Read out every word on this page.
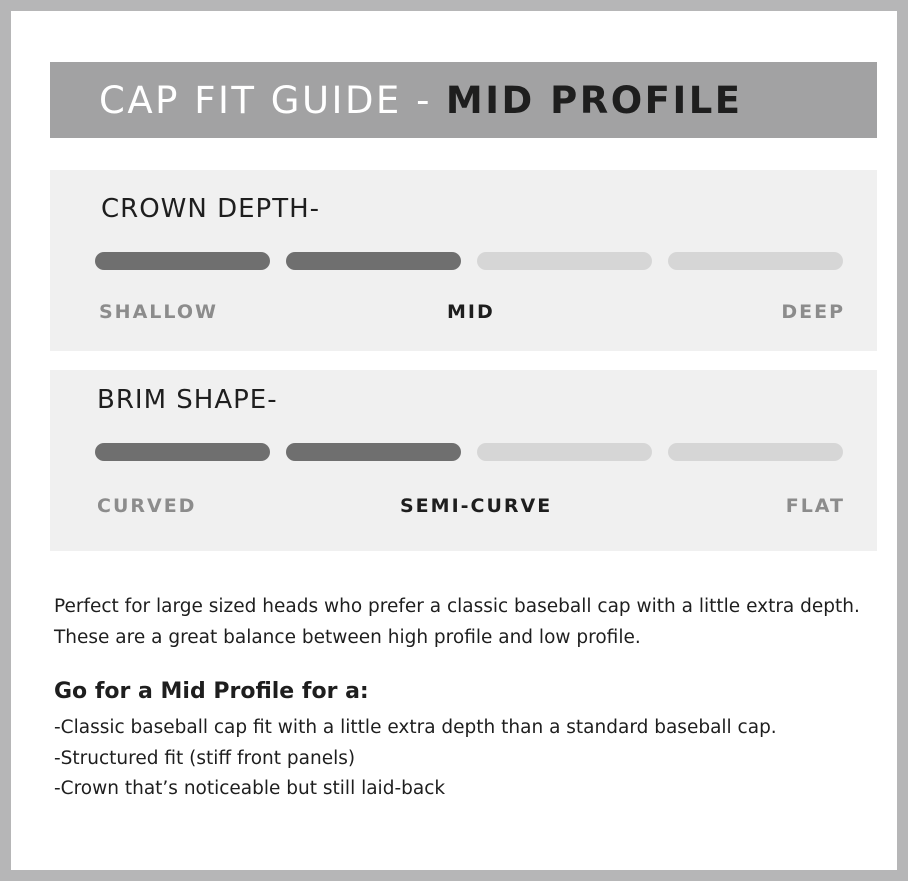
CAP FIT GUIDE - MID PROFILE
CROWN DEPTH-
SHALLOW	MID	DEEP
BRIM SHAPE-
CURVED	SEMI-CURVE	FLAT
Perfect for large sized heads who prefer a classic baseball cap with a little extra depth.
These are a great balance between high profile and low profile.
Go for a Mid Profile for a:
-Classic baseball cap fit with a little extra depth than a standard baseball cap.
-Structured fit (stiff front panels)
-Crown that’s noticeable but still laid-back
